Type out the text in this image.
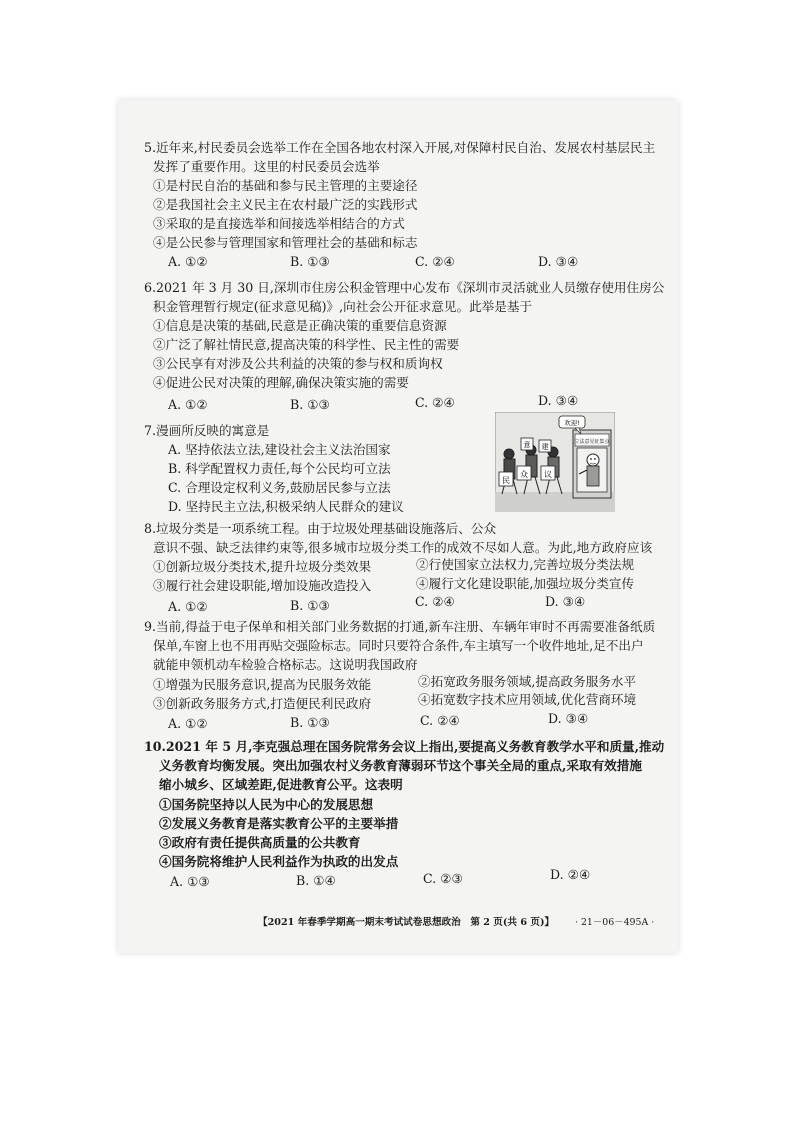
5.近年来,村民委员会选举工作在全国各地农村深入开展,对保障村民自治、发展农村基层民主
发挥了重要作用。这里的村民委员会选举
①是村民自治的基础和参与民主管理的主要途径
②是我国社会主义民主在农村最广泛的实践形式
③采取的是直接选举和间接选举相结合的方式
④是公民参与管理国家和管理社会的基础和标志
A. ①②	B. ①③	C. ②④	D. ③④
6.2021 年 3 月 30 日,深圳市住房公积金管理中心发布《深圳市灵活就业人员缴存使用住房公
积金管理暂行规定(征求意见稿)》,向社会公开征求意见。此举是基于
①信息是决策的基础,民意是正确决策的重要信息资源
②广泛了解社情民意,提高决策的科学性、民主性的需要
③公民享有对涉及公共利益的决策的参与权和质询权
④促进公民对决策的理解,确保决策实施的需要
A. ①②	B. ①③	C. ②④	D. ③④
7.漫画所反映的寓意是
A. 坚持依法立法,建设社会主义法治国家
B. 科学配置权力责任,每个公民均可立法
C. 合理设定权利义务,鼓励居民参与立法
D. 坚持民主立法,积极采纳人民群众的建议
立法意见征集点
欢迎!
民
众
意 建
议
8.垃圾分类是一项系统工程。由于垃圾处理基础设施落后、公众
意识不强、缺乏法律约束等,很多城市垃圾分类工作的成效不尽如人意。为此,地方政府应该
①创新垃圾分类技术,提升垃圾分类效果	②行使国家立法权力,完善垃圾分类法规
③履行社会建设职能,增加设施改造投入	④履行文化建设职能,加强垃圾分类宣传
A. ①②	B. ①③	C. ②④	D. ③④
9.当前,得益于电子保单和相关部门业务数据的打通,新车注册、车辆年审时不再需要准备纸质
保单,车窗上也不用再贴交强险标志。同时只要符合条件,车主填写一个收件地址,足不出户
就能申领机动车检验合格标志。这说明我国政府
①增强为民服务意识,提高为民服务效能	②拓宽政务服务领域,提高政务服务水平
③创新政务服务方式,打造便民利民政府	④拓宽数字技术应用领域,优化营商环境
A. ①②	B. ①③	C. ②④	D. ③④
10.2021 年 5 月,李克强总理在国务院常务会议上指出,要提高义务教育教学水平和质量,推动
义务教育均衡发展。突出加强农村义务教育薄弱环节这个事关全局的重点,采取有效措施
缩小城乡、区域差距,促进教育公平。这表明
①国务院坚持以人民为中心的发展思想
②发展义务教育是落实教育公平的主要举措
③政府有责任提供高质量的公共教育
④国务院将维护人民利益作为执政的出发点
A. ①③	B. ①④	C. ②③	D. ②④
【2021 年春季学期高一期末考试试卷思想政治　第 2 页(共 6 页)】 · 21－06－495A ·
